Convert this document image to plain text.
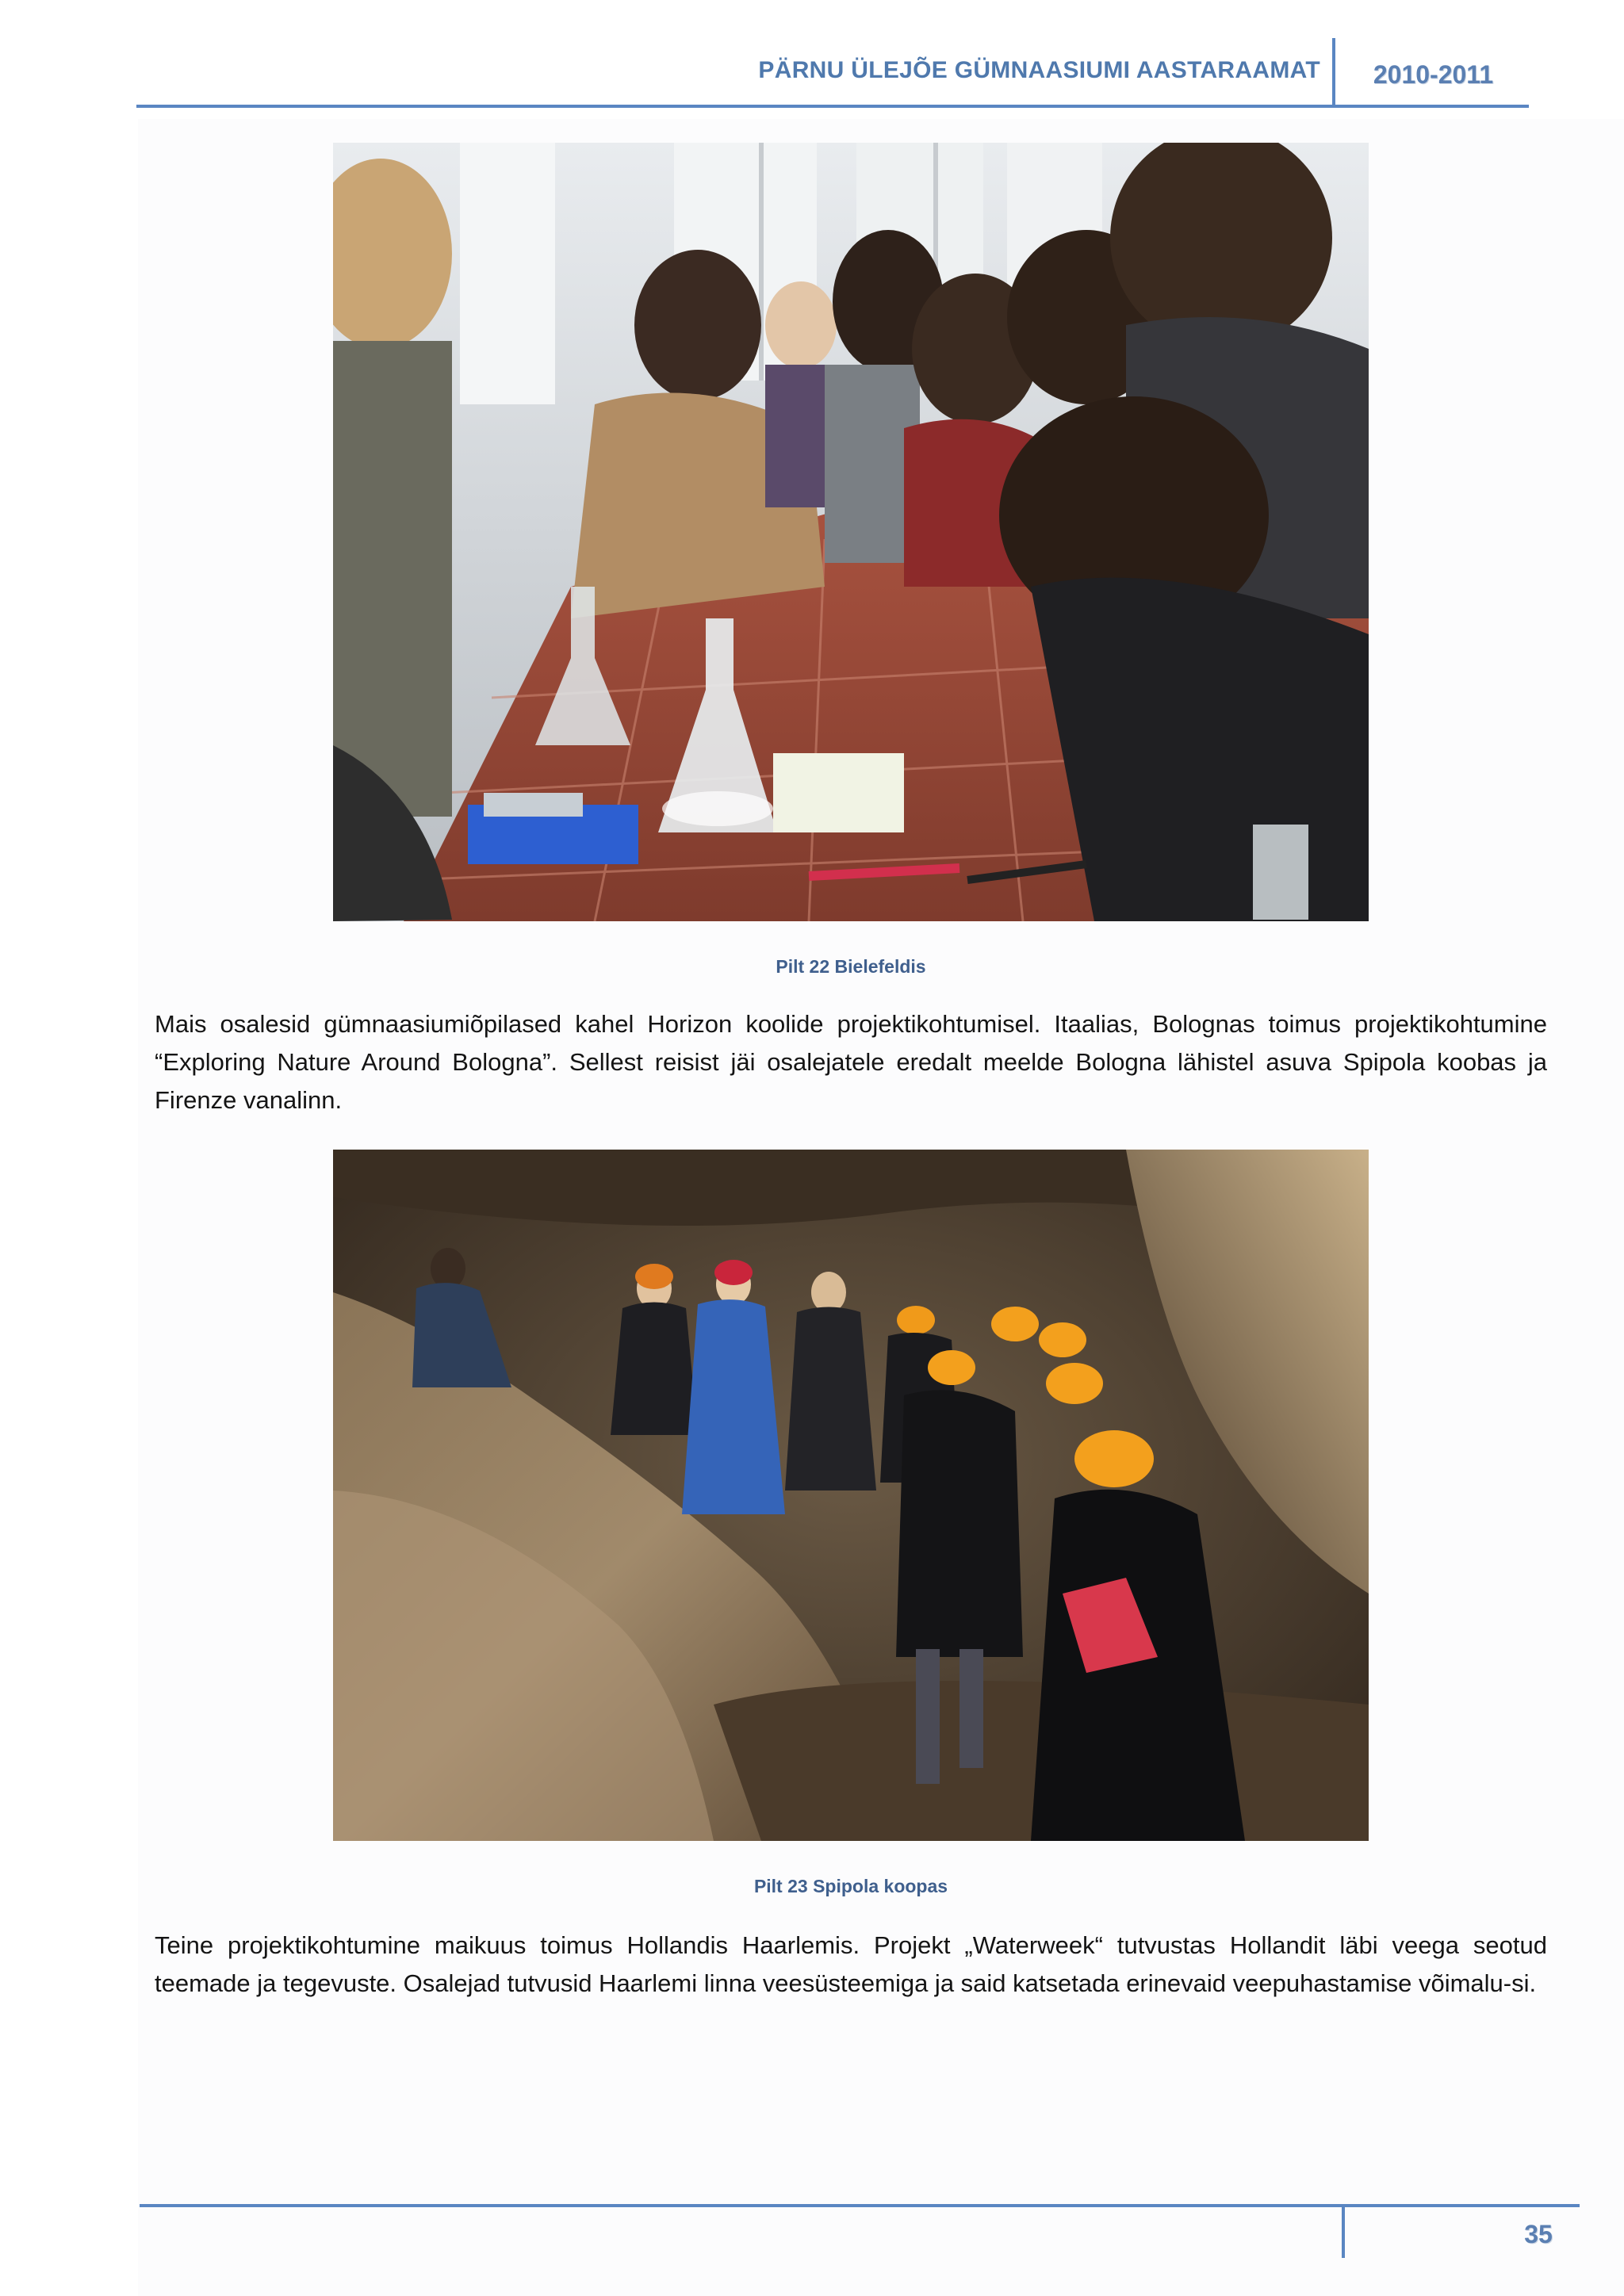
PÄRNU ÜLEJÕE GÜMNAASIUMI AASTARAAMAT	2010-2011
Pilt 22 Bielefeldis
Mais osalesid gümnaasiumiõpilased kahel Horizon koolide projektikohtumisel. Itaalias, Bolognas toimus projektikohtumine “Exploring Nature Around Bologna”. Sellest reisist jäi osalejatele eredalt meelde Bologna lähistel asuva Spipola koobas ja Firenze vanalinn.
Pilt 23 Spipola koopas
Teine projektikohtumine maikuus toimus Hollandis Haarlemis. Projekt „Waterweek“ tutvustas Hollandit läbi veega seotud teemade ja tegevuste. Osalejad tutvusid Haarlemi linna veesüsteemiga ja said katsetada erinevaid veepuhastamise võimalu-si.
35
